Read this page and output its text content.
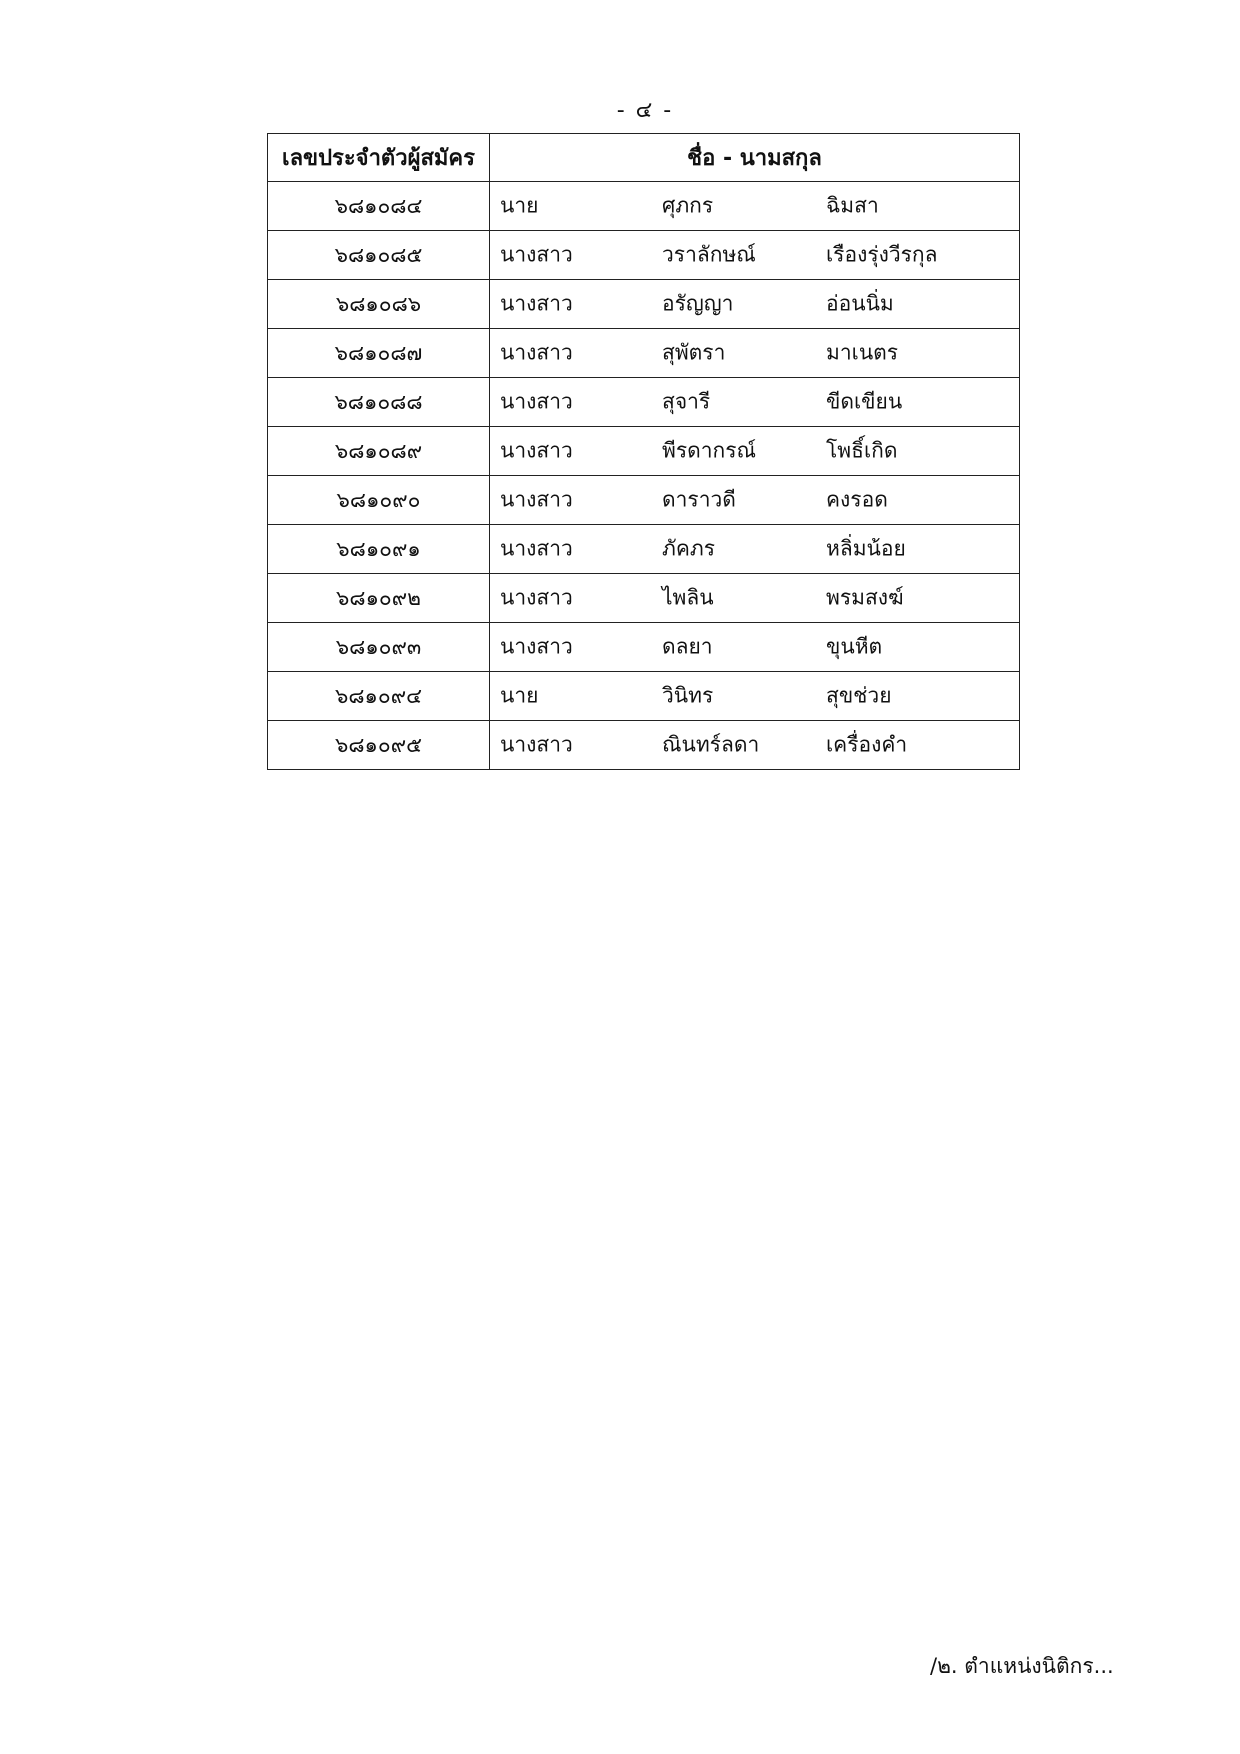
- ๔ -
เลขประจำตัวผู้สมัคร	ชื่อ - นามสกุล
๖๘๑๐๘๔	นาย ศุภกร ฉิมสา

๖๘๑๐๘๕	นางสาว วราลักษณ์ เรืองรุ่งวีรกุล

๖๘๑๐๘๖	นางสาว อรัญญา อ่อนนิ่ม

๖๘๑๐๘๗	นางสาว สุพัตรา มาเนตร

๖๘๑๐๘๘	นางสาว สุจารี ขีดเขียน

๖๘๑๐๘๙	นางสาว พีรดากรณ์ โพธิ์เกิด

๖๘๑๐๙๐	นางสาว ดาราวดี คงรอด

๖๘๑๐๙๑	นางสาว ภัคภร หลิ่มน้อย

๖๘๑๐๙๒	นางสาว ไพลิน พรมสงฆ์

๖๘๑๐๙๓	นางสาว ดลยา ขุนหีต

๖๘๑๐๙๔	นาย วินิทร สุขช่วย

๖๘๑๐๙๕	นางสาว ณินทร์ลดา เครื่องคำ
/๒. ตำแหน่งนิติกร...
